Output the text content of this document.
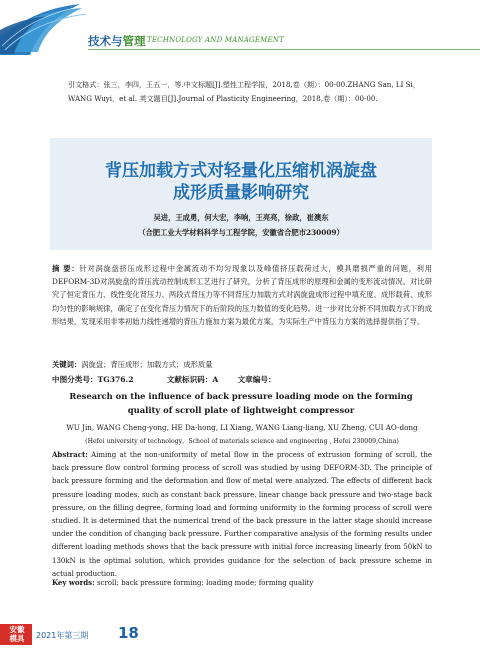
技术与管理 TECHNOLOGY AND MANAGEMENT
引文格式：张三，李四，王五一，等.中文标题[J].塑性工程学报，2018,卷（期）：00-00.ZHANG San, LI Si，WANG Wuyi，et al. 英文题目[J].Journal of Plasticity Engineering，2018,卷（期）：00-00.
背压加载方式对轻量化压缩机涡旋盘
成形质量影响研究
吴进，王成勇，何大宏，李响，王亮亮，徐政，崔澳东
（合肥工业大学材料科学与工程学院，安徽省合肥市230009）
摘 要：针对涡旋盘挤压成形过程中金属流动不均匀现象以及峰值挤压载荷过大，模具磨损严重的问题，利用DEFORM-3D对涡旋盘的背压流动控制成形工艺进行了研究，分析了背压成形的原理和金属的变形流动情况。对比研究了恒定背压力、线性变化背压力、两段式背压力等不同背压力加载方式对涡旋盘成形过程中填充度、成形载荷、成形均匀性的影响规律，确定了在变化背压力情况下的后阶段的压力数值的变化趋势。进一步对比分析不同加载方式下的成形结果，发现采用非零初始力线性递增的背压力施加方案为最优方案，为实际生产中背压力方案的选择提供指了导。
关键词：涡旋盘；背压成形；加载方式；成形质量
中图分类号：TG376.2	文献标识码：A	文章编号：
Research on the influence of back pressure loading mode on the forming quality of scroll plate of lightweight compressor
WU Jin, WANG Cheng-yong, HE Da-hong, LI Xiang, WANG Liang-liang, XU Zheng, CUI AO-dong
(Hefei university of technology，School of materials science and engineering , Hefei 230009,China)
Abstract: Aiming at the non-uniformity of metal flow in the process of extrusion forming of scroll, the back pressure flow control forming process of scroll was studied by using DEFORM-3D. The principle of back pressure forming and the deformation and flow of metal were analyzed. The effects of different back pressure loading modes, such as constant back pressure, linear change back pressure and two-stage back pressure, on the filling degree, forming load and forming uniformity in the forming process of scroll were studied. It is determined that the numerical trend of the back pressure in the latter stage should increase under the condition of changing back pressure. Further comparative analysis of the forming results under different loading methods shows that the back pressure with initial force increasing linearly from 50kN to 130kN is the optimal solution, which provides guidance for the selection of back pressure scheme in actual production.
Key words: scroll; back pressure forming; loading mode; forming quality
安徽
模具	2021年第三期 18
